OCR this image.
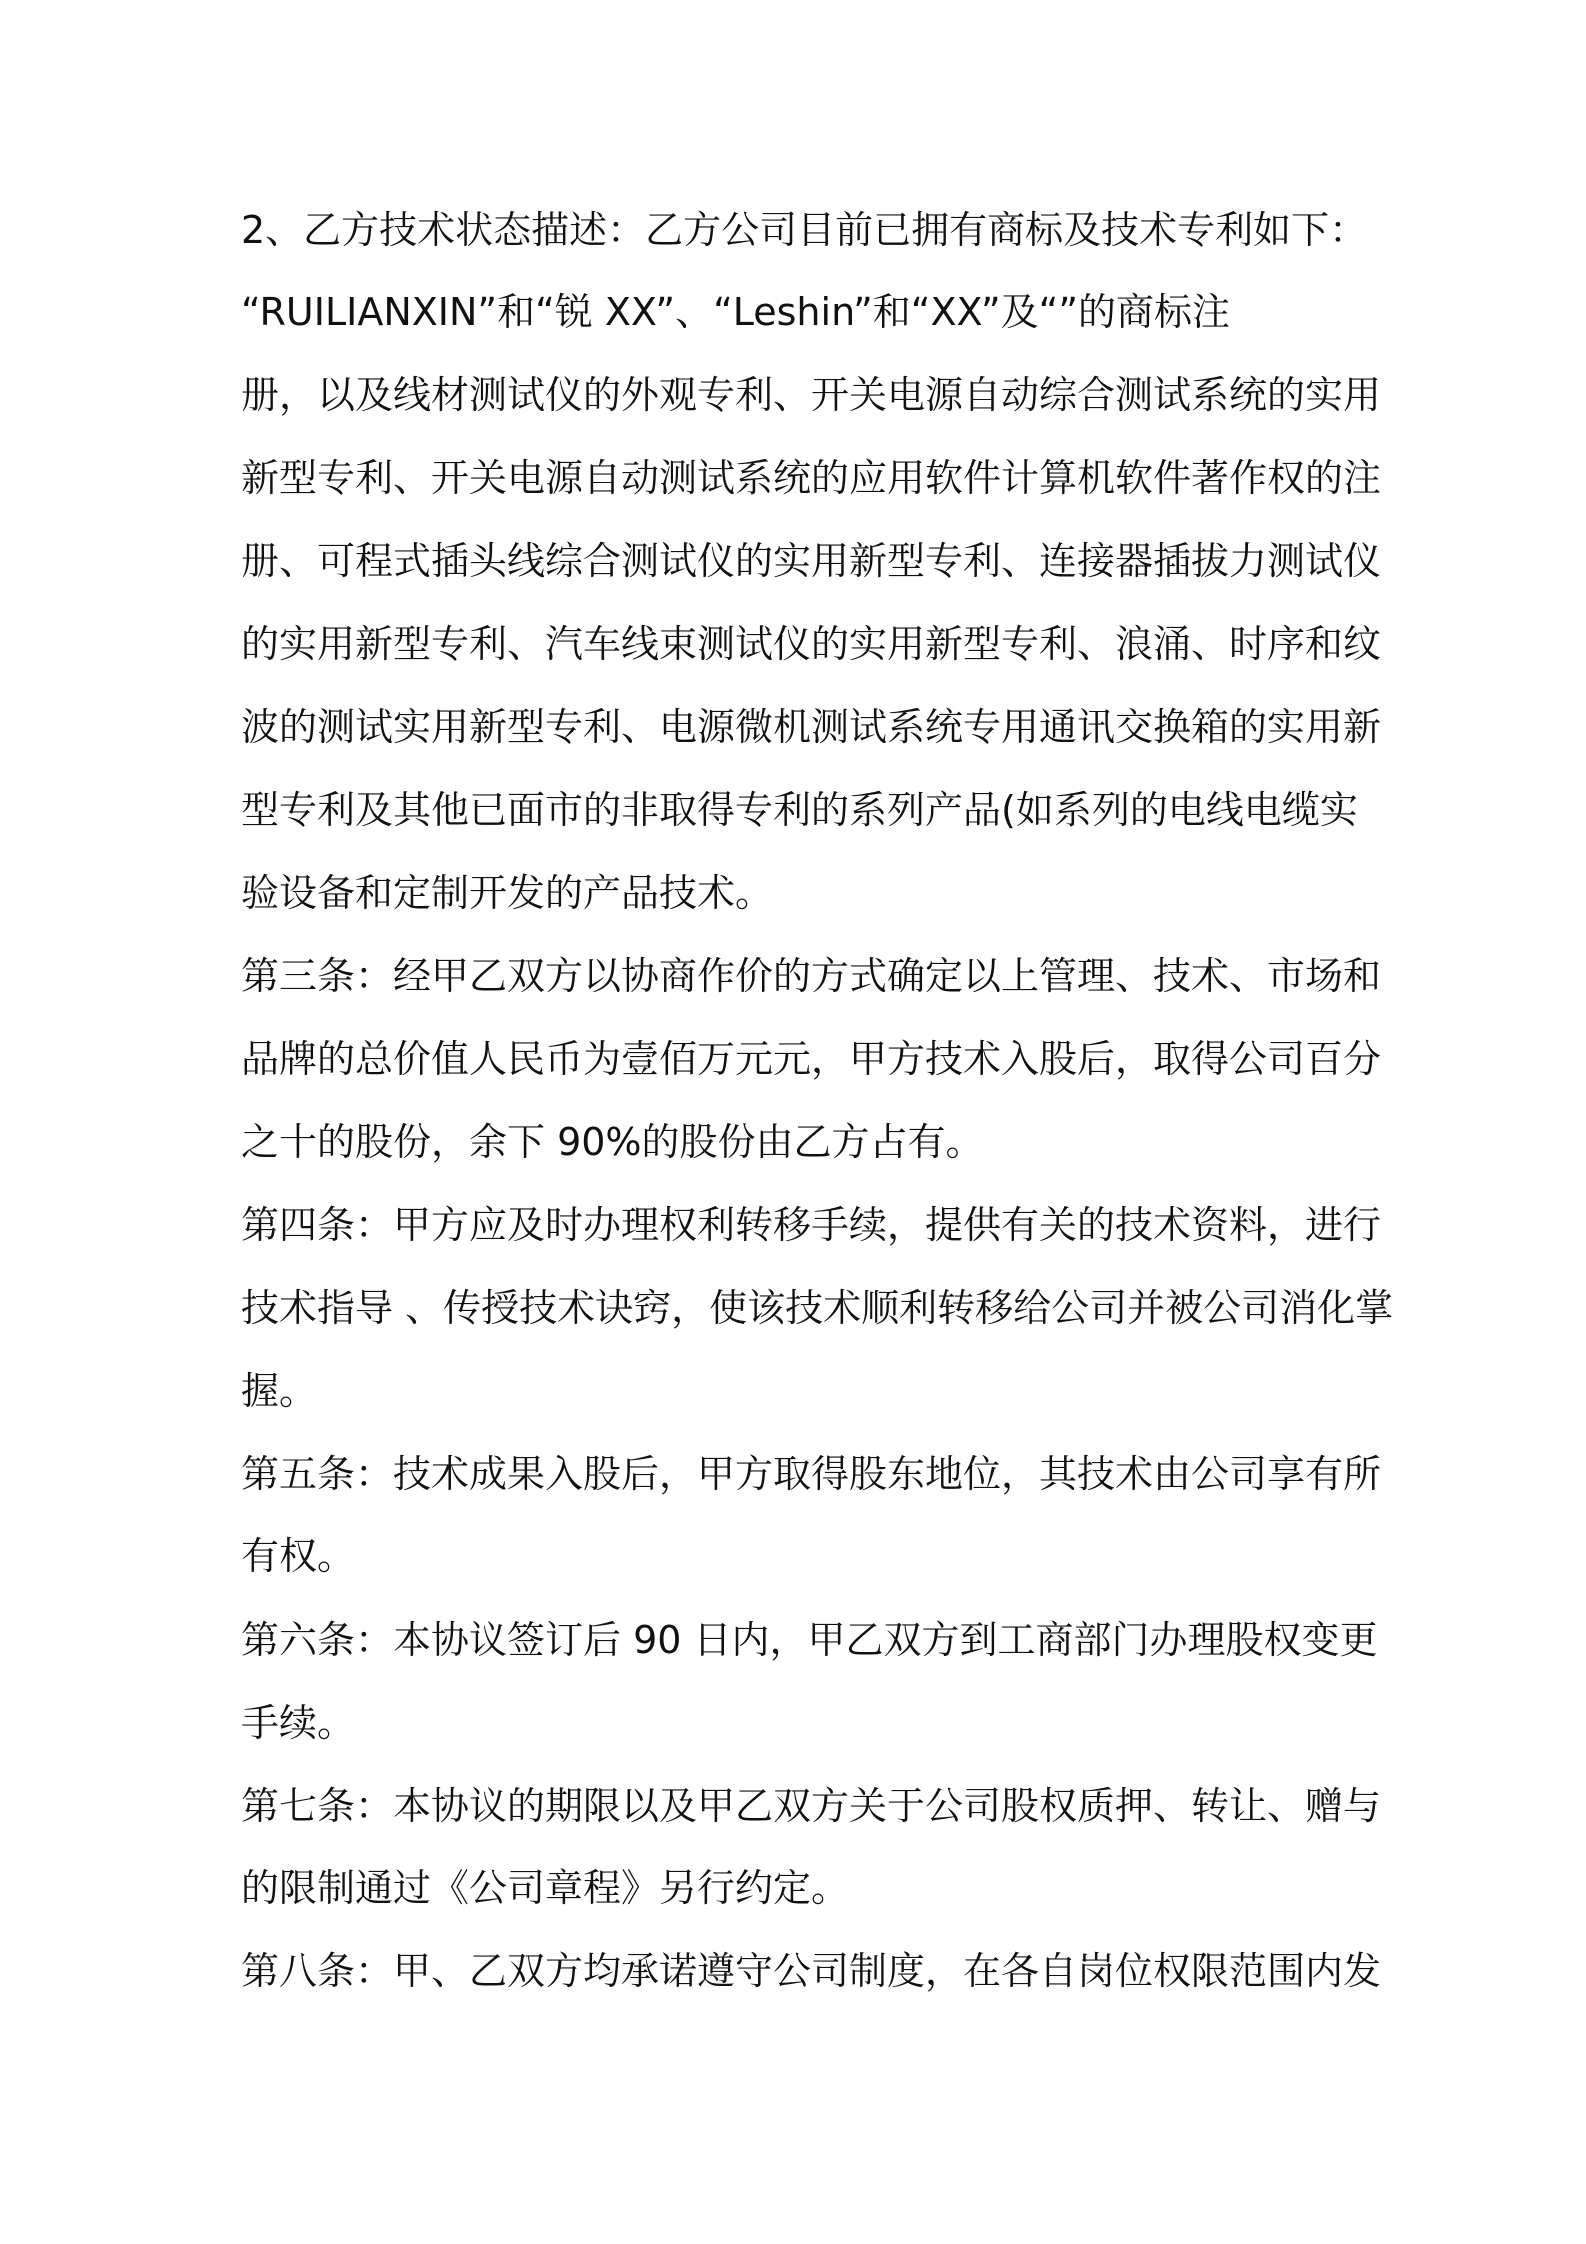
2、乙方技术状态描述：乙方公司目前已拥有商标及技术专利如下：

“RUILIANXIN”和“锐 XX”、“Leshin”和“XX”及“”的商标注

册，以及线材测试仪的外观专利、开关电源自动综合测试系统的实用

新型专利、开关电源自动测试系统的应用软件计算机软件著作权的注

册、可程式插头线综合测试仪的实用新型专利、连接器插拔力测试仪

的实用新型专利、汽车线束测试仪的实用新型专利、浪涌、时序和纹

波的测试实用新型专利、电源微机测试系统专用通讯交换箱的实用新

型专利及其他已面市的非取得专利的系列产品(如系列的电线电缆实

验设备和定制开发的产品技术。

第三条：经甲乙双方以协商作价的方式确定以上管理、技术、市场和

品牌的总价值人民币为壹佰万元元，甲方技术入股后，取得公司百分

之十的股份，余下 90%的股份由乙方占有。

第四条：甲方应及时办理权利转移手续，提供有关的技术资料，进行

技术指导 、传授技术诀窍，使该技术顺利转移给公司并被公司消化掌

握。

第五条：技术成果入股后，甲方取得股东地位，其技术由公司享有所

有权。

第六条：本协议签订后 90 日内，甲乙双方到工商部门办理股权变更

手续。

第七条：本协议的期限以及甲乙双方关于公司股权质押、转让、赠与

的限制通过《公司章程》另行约定。

第八条：甲、乙双方均承诺遵守公司制度，在各自岗位权限范围内发
